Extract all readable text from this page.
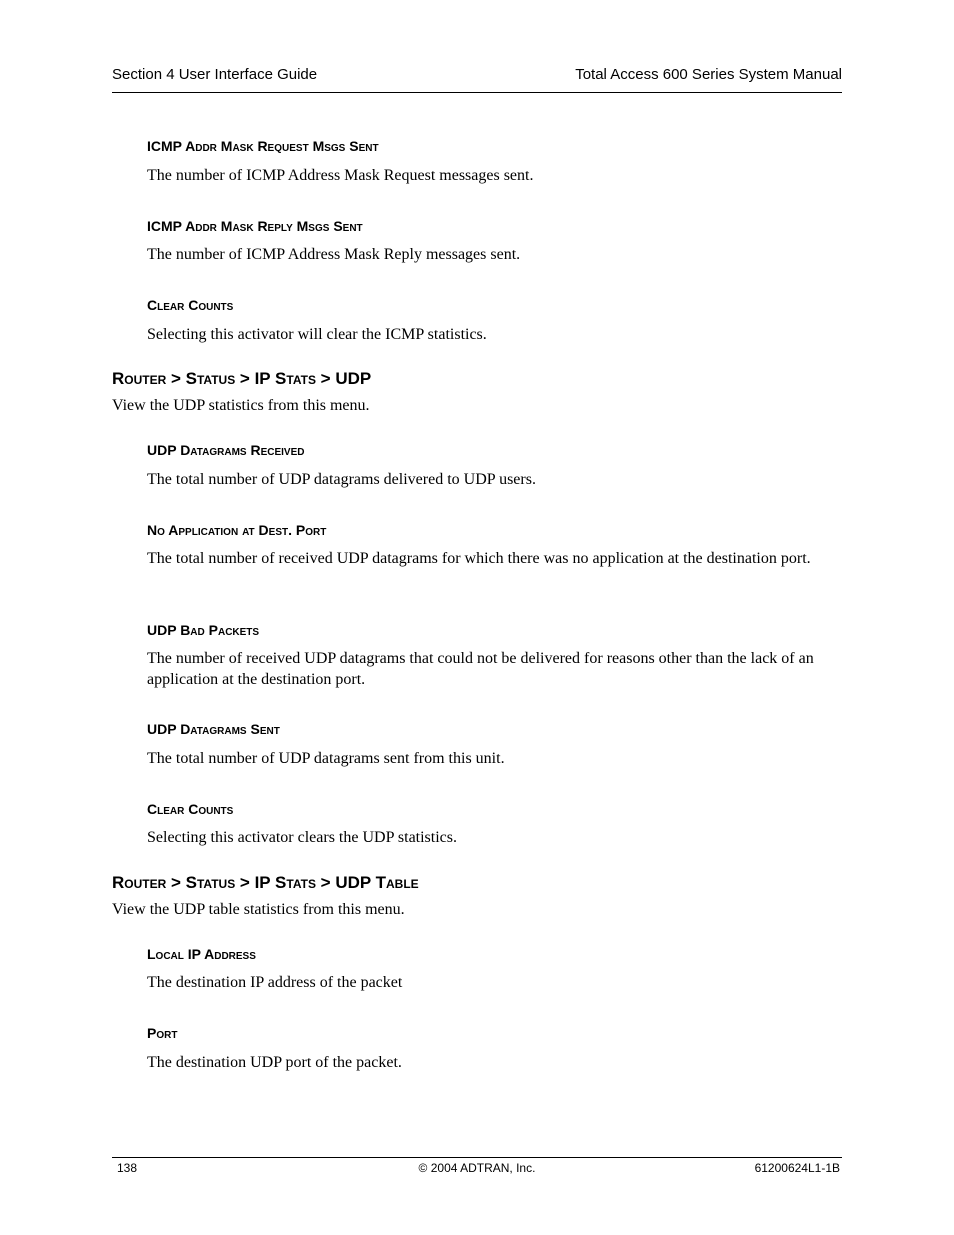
Section 4 User Interface Guide	Total Access 600 Series System Manual
ICMP Addr Mask Request Msgs Sent
The number of ICMP Address Mask Request messages sent.
ICMP Addr Mask Reply Msgs Sent
The number of ICMP Address Mask Reply messages sent.
Clear Counts
Selecting this activator will clear the ICMP statistics.
Router > Status > IP Stats > UDP
View the UDP statistics from this menu.
UDP Datagrams Received
The total number of UDP datagrams delivered to UDP users.
No Application at Dest. Port
The total number of received UDP datagrams for which there was no application at the destination port.
UDP Bad Packets
The number of received UDP datagrams that could not be delivered for reasons other than the lack of an application at the destination port.
UDP Datagrams Sent
The total number of UDP datagrams sent from this unit.
Clear Counts
Selecting this activator clears the UDP statistics.
Router > Status > IP Stats > UDP Table
View the UDP table statistics from this menu.
Local IP Address
The destination IP address of the packet
Port
The destination UDP port of the packet.
138	© 2004 ADTRAN, Inc.	61200624L1-1B
